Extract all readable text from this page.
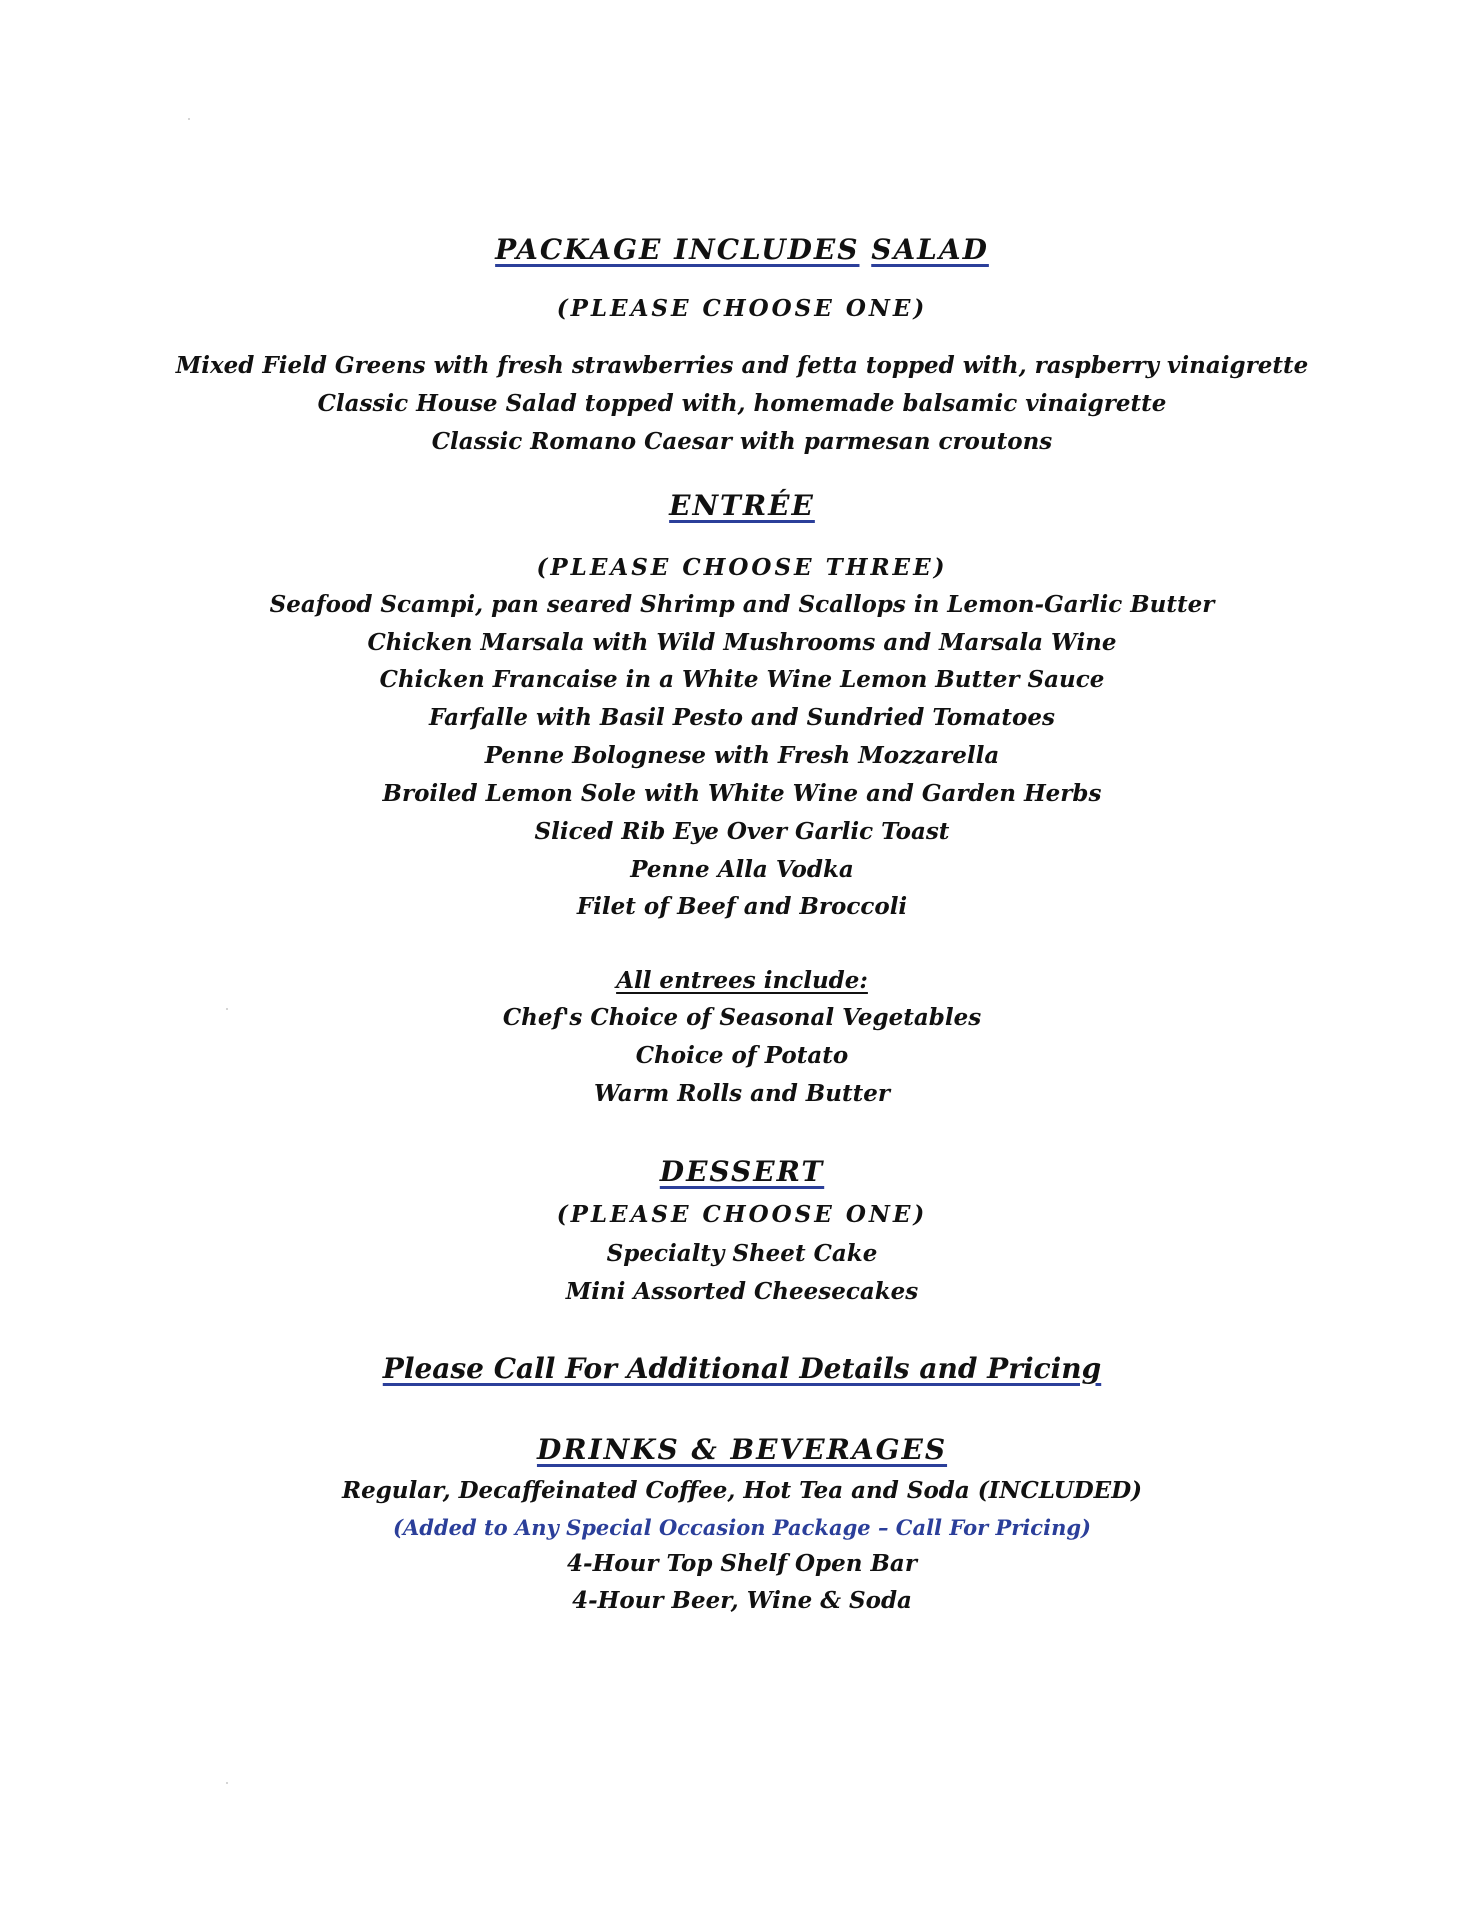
PACKAGE INCLUDES SALAD
(PLEASE CHOOSE ONE)
Mixed Field Greens with fresh strawberries and fetta topped with, raspberry vinaigrette
Classic House Salad topped with, homemade balsamic vinaigrette
Classic Romano Caesar with parmesan croutons
ENTRÉE
(PLEASE CHOOSE THREE)
Seafood Scampi, pan seared Shrimp and Scallops in Lemon-Garlic Butter
Chicken Marsala with Wild Mushrooms and Marsala Wine
Chicken Francaise in a White Wine Lemon Butter Sauce
Farfalle with Basil Pesto and Sundried Tomatoes
Penne Bolognese with Fresh Mozzarella
Broiled Lemon Sole with White Wine and Garden Herbs
Sliced Rib Eye Over Garlic Toast
Penne Alla Vodka
Filet of Beef and Broccoli
All entrees include:
Chef's Choice of Seasonal Vegetables
Choice of Potato
Warm Rolls and Butter
DESSERT
(PLEASE CHOOSE ONE)
Specialty Sheet Cake
Mini Assorted Cheesecakes
Please Call For Additional Details and Pricing
DRINKS & BEVERAGES
Regular, Decaffeinated Coffee, Hot Tea and Soda (INCLUDED)
(Added to Any Special Occasion Package – Call For Pricing)
4-Hour Top Shelf Open Bar
4-Hour Beer, Wine & Soda
